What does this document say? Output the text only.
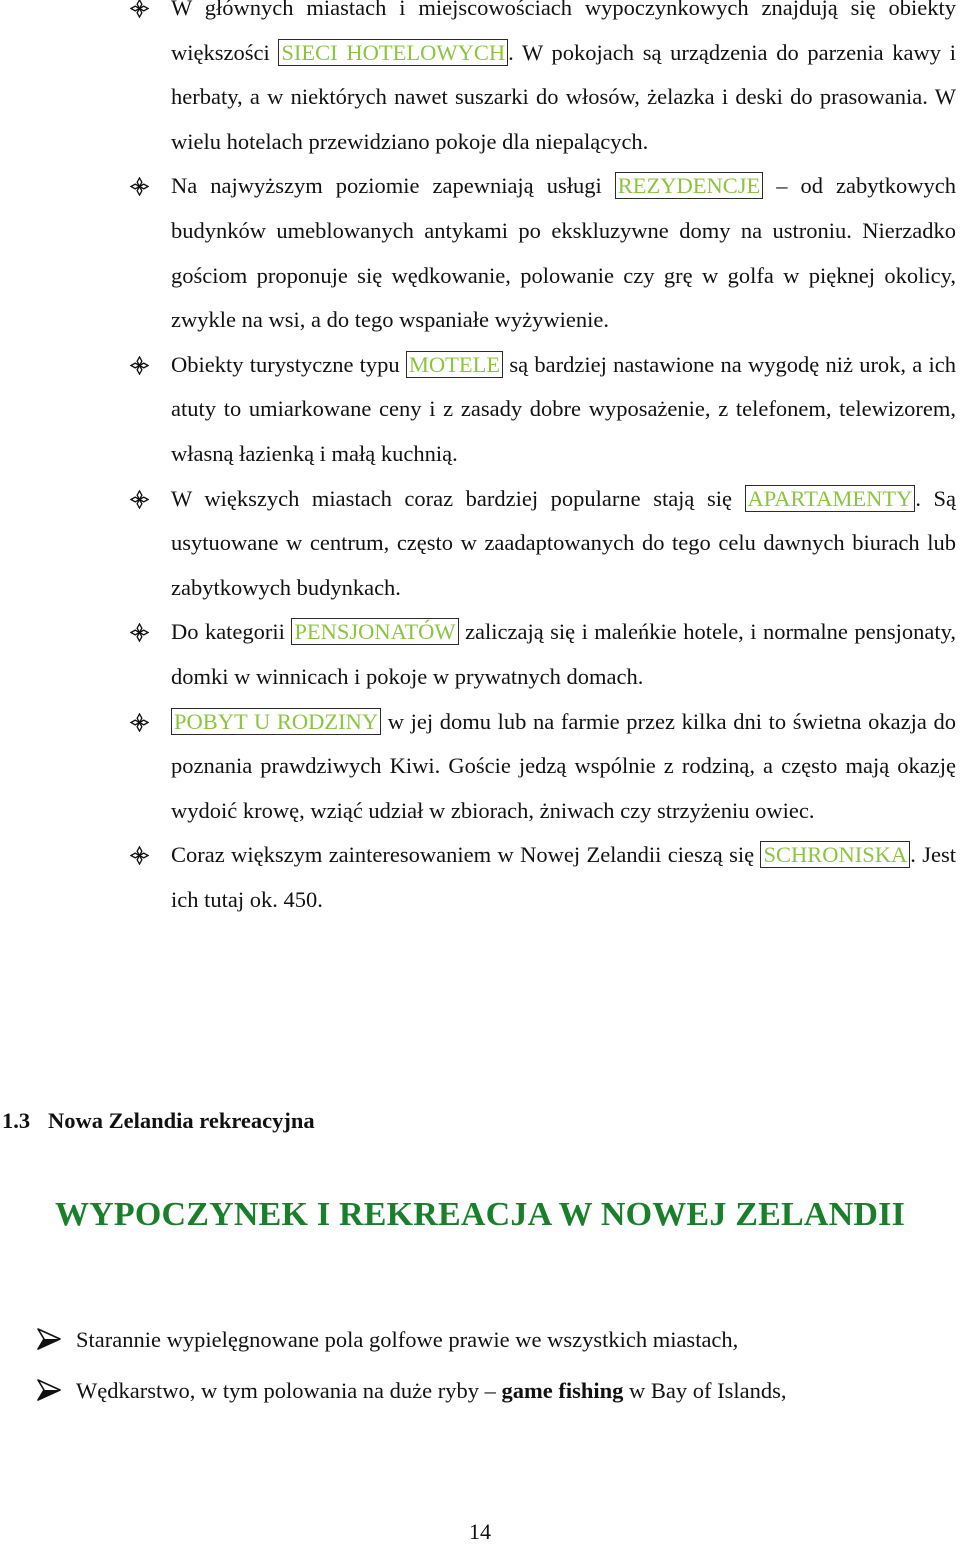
W głównych miastach i miejscowościach wypoczynkowych znajdują się obiekty większości SIECI HOTELOWYCH . W pokojach są urządzenia do parzenia kawy i herbaty, a w niektórych nawet suszarki do włosów, żelazka i deski do prasowania. W wielu hotelach przewidziano pokoje dla niepalących.
Na najwyższym poziomie zapewniają usługi REZYDENCJE – od zabytkowych budynków umeblowanych antykami po ekskluzywne domy na ustroniu. Nierzadko gościom proponuje się wędkowanie, polowanie czy grę w golfa w pięknej okolicy, zwykle na wsi, a do tego wspaniałe wyżywienie.
Obiekty turystyczne typu MOTELE są bardziej nastawione na wygodę niż urok, a ich atuty to umiarkowane ceny i z zasady dobre wyposażenie, z telefonem, telewizorem, własną łazienką i małą kuchnią.
W większych miastach coraz bardziej popularne stają się APARTAMENTY . Są usytuowane w centrum, często w zaadaptowanych do tego celu dawnych biurach lub zabytkowych budynkach.
Do kategorii PENSJONATÓW zaliczają się i maleńkie hotele, i normalne pensjonaty, domki w winnicach i pokoje w prywatnych domach.
POBYT U RODZINY w jej domu lub na farmie przez kilka dni to świetna okazja do poznania prawdziwych Kiwi. Goście jedzą wspólnie z rodziną, a często mają okazję wydoić krowę, wziąć udział w zbiorach, żniwach czy strzyżeniu owiec.
Coraz większym zainteresowaniem w Nowej Zelandii cieszą się SCHRONISKA . Jest ich tutaj ok. 450.
1.3 Nowa Zelandia rekreacyjna
WYPOCZYNEK I REKREACJA W NOWEJ ZELANDII
Starannie wypielęgnowane pola golfowe prawie we wszystkich miastach,
Wędkarstwo, w tym polowania na duże ryby – game fishing w Bay of Islands,

14
